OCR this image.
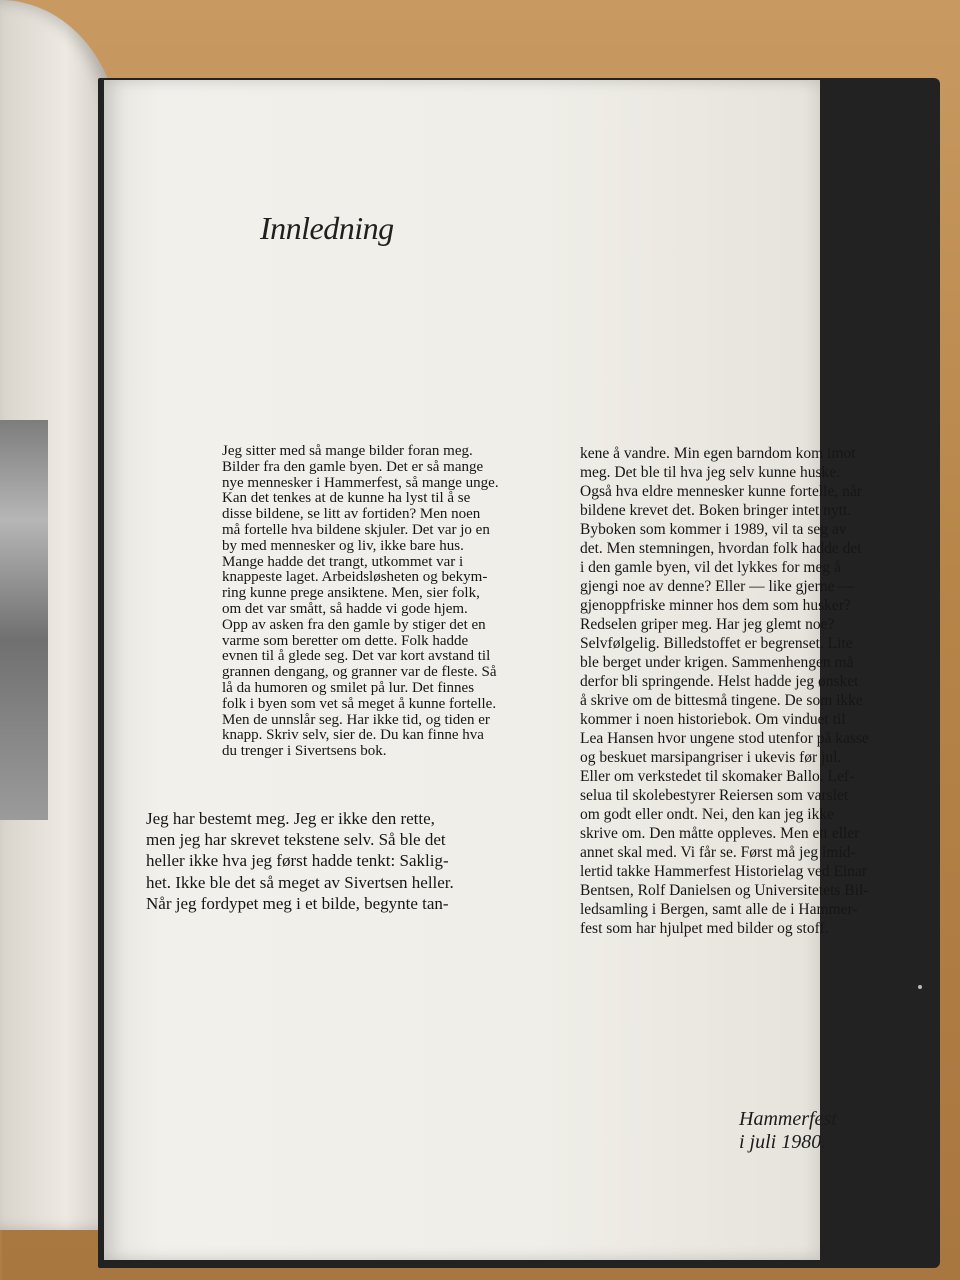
Innledning

Jeg sitter med så mange bilder foran meg.
Bilder fra den gamle byen. Det er så mange
nye mennesker i Hammerfest, så mange unge.
Kan det tenkes at de kunne ha lyst til å se
disse bildene, se litt av fortiden? Men noen
må fortelle hva bildene skjuler. Det var jo en
by med mennesker og liv, ikke bare hus.
Mange hadde det trangt, utkommet var i
knappeste laget. Arbeidsløsheten og bekym-
ring kunne prege ansiktene. Men, sier folk,
om det var smått, så hadde vi gode hjem.
Opp av asken fra den gamle by stiger det en
varme som beretter om dette. Folk hadde
evnen til å glede seg. Det var kort avstand til
grannen dengang, og granner var de fleste. Så
lå da humoren og smilet på lur. Det finnes
folk i byen som vet så meget å kunne fortelle.
Men de unnslår seg. Har ikke tid, og tiden er
knapp. Skriv selv, sier de. Du kan finne hva
du trenger i Sivertsens bok.

Jeg har bestemt meg. Jeg er ikke den rette,
men jeg har skrevet tekstene selv. Så ble det
heller ikke hva jeg først hadde tenkt: Saklig-
het. Ikke ble det så meget av Sivertsen heller.
Når jeg fordypet meg i et bilde, begynte tan-

kene å vandre. Min egen barndom kom imot
meg. Det ble til hva jeg selv kunne huske.
Også hva eldre mennesker kunne fortelle, når
bildene krevet det. Boken bringer intet nytt.
Byboken som kommer i 1989, vil ta seg av
det. Men stemningen, hvordan folk hadde det
i den gamle byen, vil det lykkes for meg å
gjengi noe av denne? Eller — like gjerne —
gjenoppfriske minner hos dem som husker?
Redselen griper meg. Har jeg glemt noe?
Selvfølgelig. Billedstoffet er begrenset. Lite
ble berget under krigen. Sammenhengen må
derfor bli springende. Helst hadde jeg ønsket
å skrive om de bittesmå tingene. De som ikke
kommer i noen historiebok. Om vinduet til
Lea Hansen hvor ungene stod utenfor på kasse
og beskuet marsipangriser i ukevis før jul.
Eller om verkstedet til skomaker Ballo. Lef-
selua til skolebestyrer Reiersen som varslet
om godt eller ondt. Nei, den kan jeg ikke
skrive om. Den måtte oppleves. Men ett eller
annet skal med. Vi får se. Først må jeg imid-
lertid takke Hammerfest Historielag ved Einar
Bentsen, Rolf Danielsen og Universitetets Bil-
ledsamling i Bergen, samt alle de i Hammer-
fest som har hjulpet med bilder og stoff.

Hammerfest i juli 1980.
